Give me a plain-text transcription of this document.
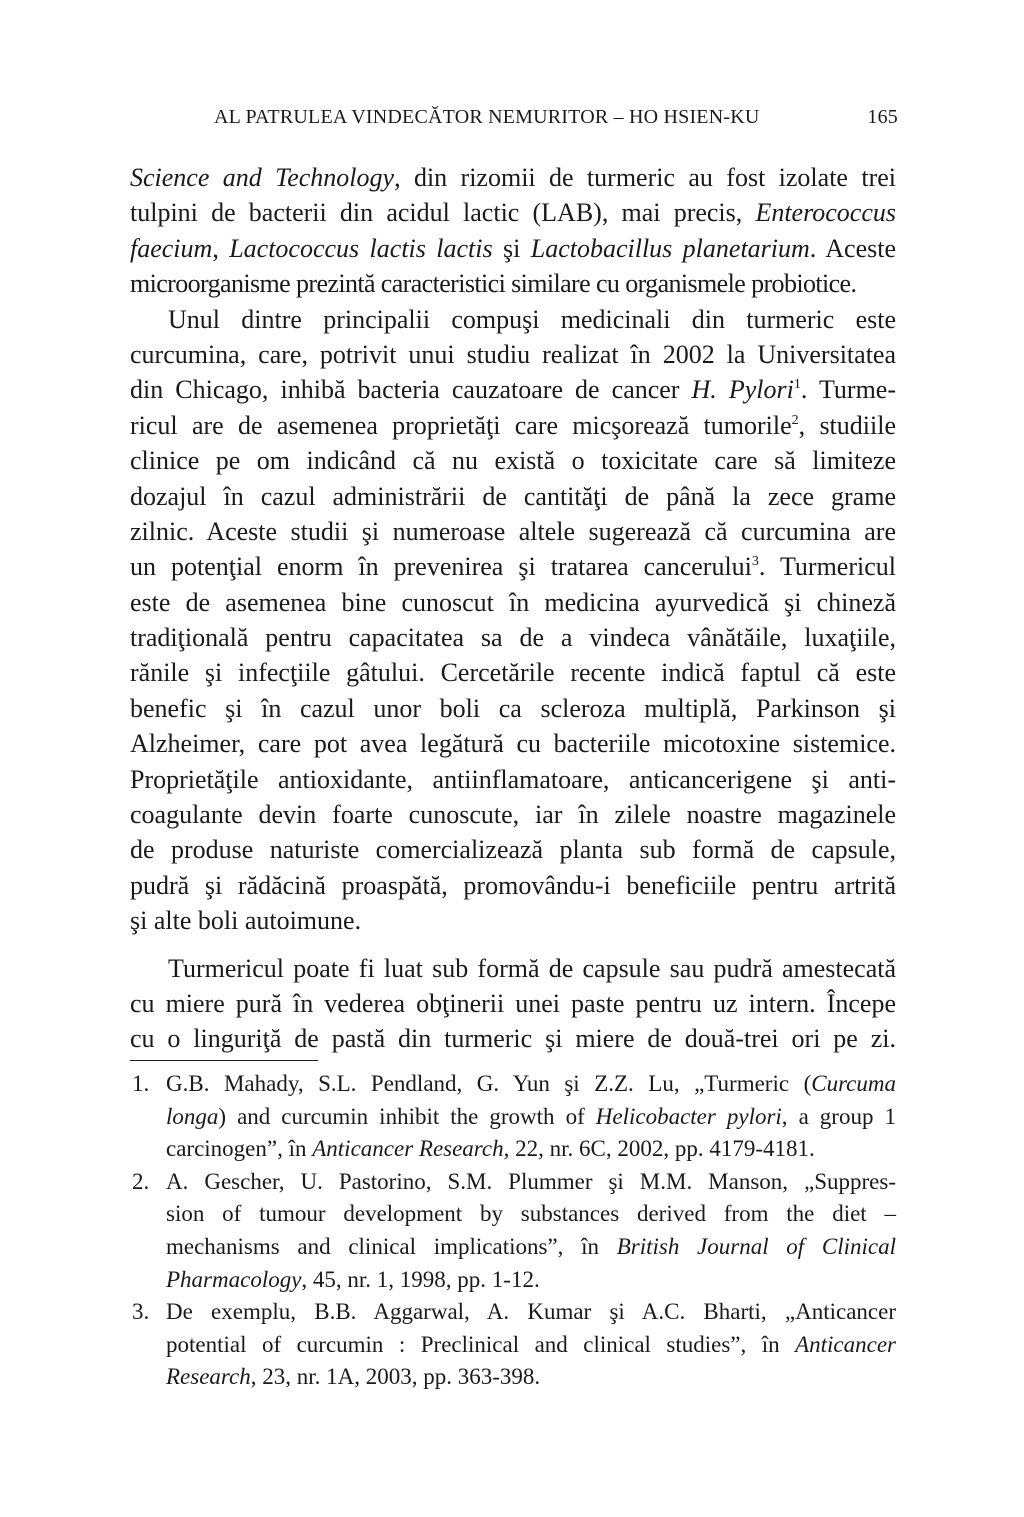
AL PATRULEA VINDECĂTOR NEMURITOR – HO HSIEN-KU	165
Science and Technology, din rizomii de turmeric au fost izolate trei
tulpini de bacterii din acidul lactic (LAB), mai precis, Enterococcus
faecium, Lactococcus lactis lactis şi Lactobacillus planetarium. Aceste
microorganisme prezintă caracteristici similare cu organismele probiotice.
Unul dintre principalii compuşi medicinali din turmeric este
curcumina, care, potrivit unui studiu realizat în 2002 la Universitatea
din Chicago, inhibă bacteria cauzatoare de cancer H. Pylori$^1$. Turme-
ricul are de asemenea proprietăţi care micşorează tumorile$^2$, studiile
clinice pe om indicând că nu există o toxicitate care să limiteze
dozajul în cazul administrării de cantităţi de până la zece grame
zilnic. Aceste studii şi numeroase altele sugerează că curcumina are
un potenţial enorm în prevenirea şi tratarea cancerului$^3$. Turmericul
este de asemenea bine cunoscut în medicina ayurvedică şi chineză
tradiţională pentru capacitatea sa de a vindeca vânătăile, luxaţiile,
rănile şi infecţiile gâtului. Cercetările recente indică faptul că este
benefic şi în cazul unor boli ca scleroza multiplă, Parkinson şi
Alzheimer, care pot avea legătură cu bacteriile micotoxine sistemice.
Proprietăţile antioxidante, antiinflamatoare, anticancerigene şi anti-
coagulante devin foarte cunoscute, iar în zilele noastre magazinele
de produse naturiste comercializează planta sub formă de capsule,
pudră şi rădăcină proaspătă, promovându-i beneficiile pentru artrită
şi alte boli autoimune.
Turmericul poate fi luat sub formă de capsule sau pudră amestecată
cu miere pură în vederea obţinerii unei paste pentru uz intern. Începe
cu o linguriţă de pastă din turmeric şi miere de două-trei ori pe zi.
1. G.B. Mahady, S.L. Pendland, G. Yun şi Z.Z. Lu, „Turmeric (Curcuma
longa) and curcumin inhibit the growth of Helicobacter pylori, a group 1
carcinogen”, în Anticancer Research, 22, nr. 6C, 2002, pp. 4179-4181.
2. A. Gescher, U. Pastorino, S.M. Plummer şi M.M. Manson, „Suppres-
sion of tumour development by substances derived from the diet –
mechanisms and clinical implications”, în British Journal of Clinical
Pharmacology, 45, nr. 1, 1998, pp. 1-12.
3. De exemplu, B.B. Aggarwal, A. Kumar şi A.C. Bharti, „Anticancer
potential of curcumin : Preclinical and clinical studies”, în Anticancer
Research, 23, nr. 1A, 2003, pp. 363-398.
